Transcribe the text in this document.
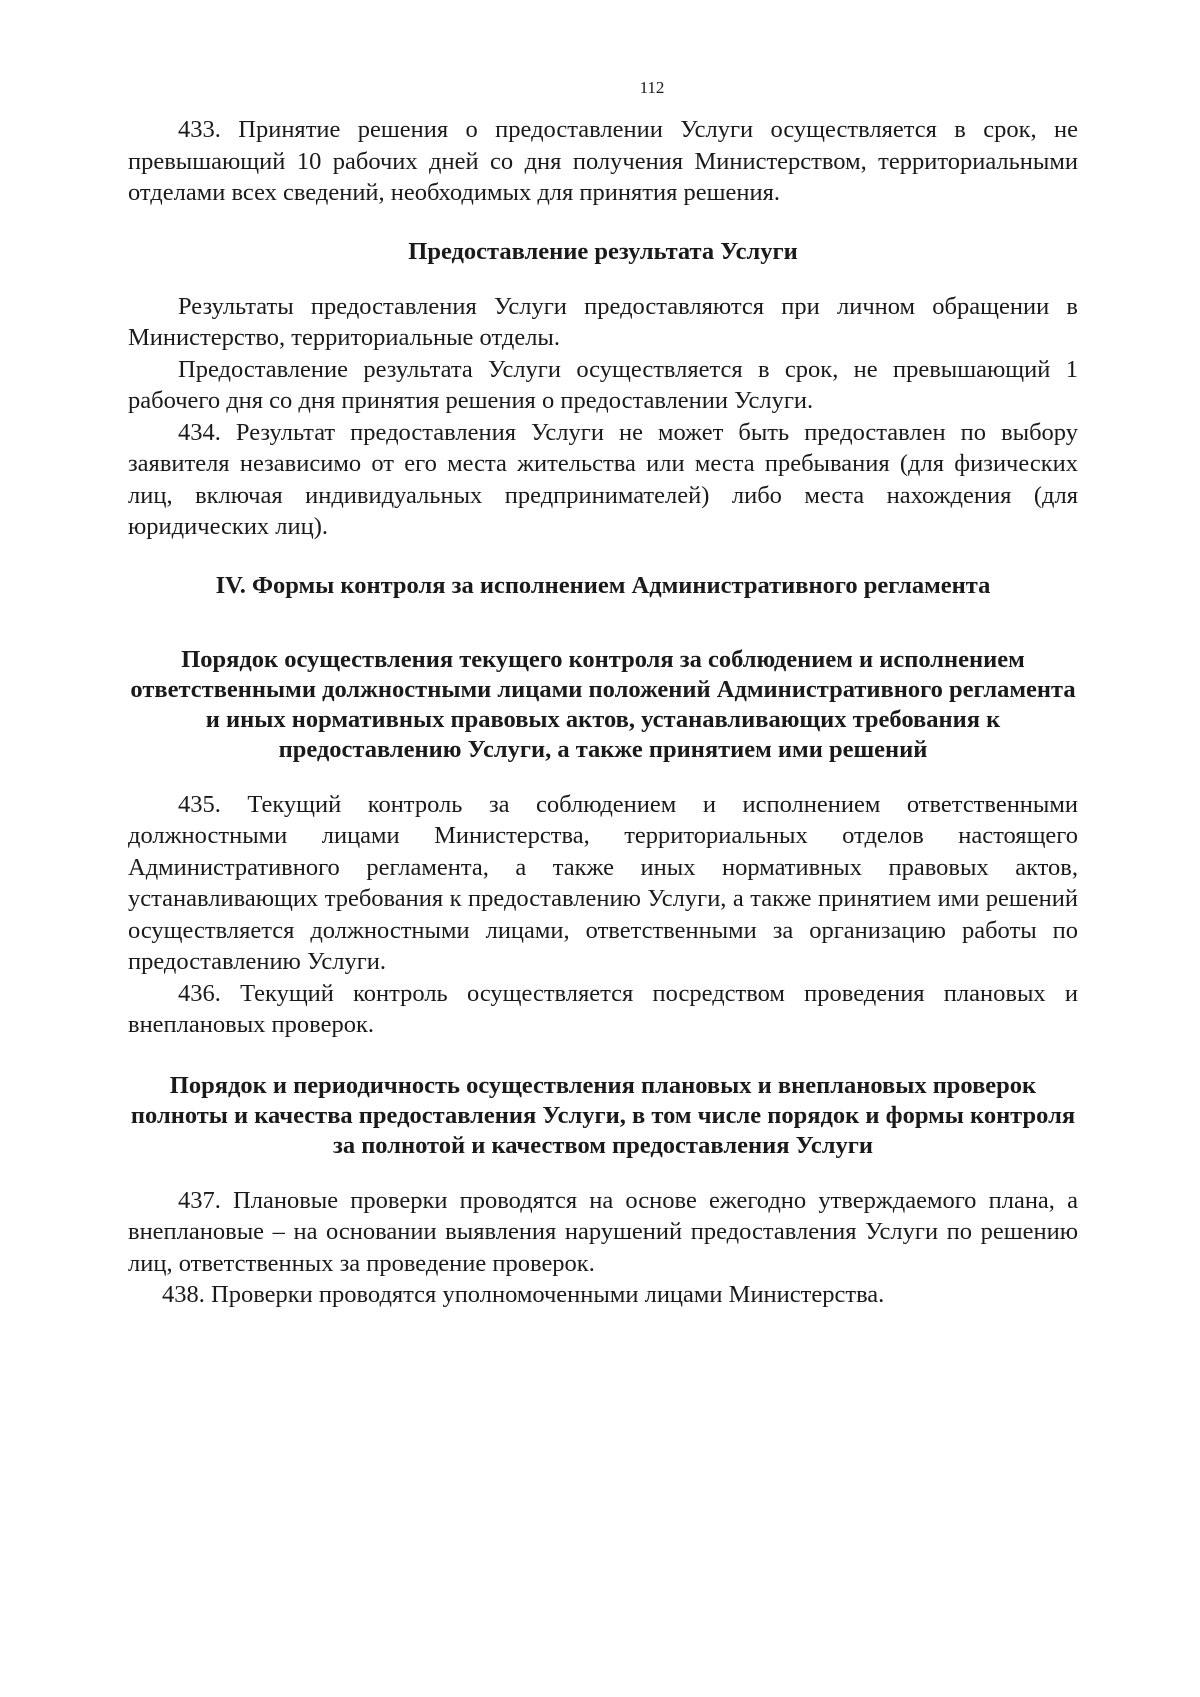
112

433. Принятие решения о предоставлении Услуги осуществляется в срок, не превышающий 10 рабочих дней со дня получения Министерством, территориальными отделами всех сведений, необходимых для принятия решения.

Предоставление результата Услуги

Результаты предоставления Услуги предоставляются при личном обращении в Министерство, территориальные отделы.

Предоставление результата Услуги осуществляется в срок, не превышающий 1 рабочего дня со дня принятия решения о предоставлении Услуги.

434. Результат предоставления Услуги не может быть предоставлен по выбору заявителя независимо от его места жительства или места пребывания (для физических лиц, включая индивидуальных предпринимателей) либо места нахождения (для юридических лиц).

IV. Формы контроля за исполнением Административного регламента
Порядок осуществления текущего контроля за соблюдением и исполнением ответственными должностными лицами положений Административного регламента и иных нормативных правовых актов, устанавливающих требования к предоставлению Услуги, а также принятием ими решений

435. Текущий контроль за соблюдением и исполнением ответственными должностными лицами Министерства, территориальных отделов настоящего Административного регламента, а также иных нормативных правовых актов, устанавливающих требования к предоставлению Услуги, а также принятием ими решений осуществляется должностными лицами, ответственными за организацию работы по предоставлению Услуги.

436. Текущий контроль осуществляется посредством проведения плановых и внеплановых проверок.

Порядок и периодичность осуществления плановых и внеплановых проверок полноты и качества предоставления Услуги, в том числе порядок и формы контроля за полнотой и качеством предоставления Услуги

437. Плановые проверки проводятся на основе ежегодно утверждаемого плана, а внеплановые – на основании выявления нарушений предоставления Услуги по решению лиц, ответственных за проведение проверок.

438. Проверки проводятся уполномоченными лицами Министерства.
